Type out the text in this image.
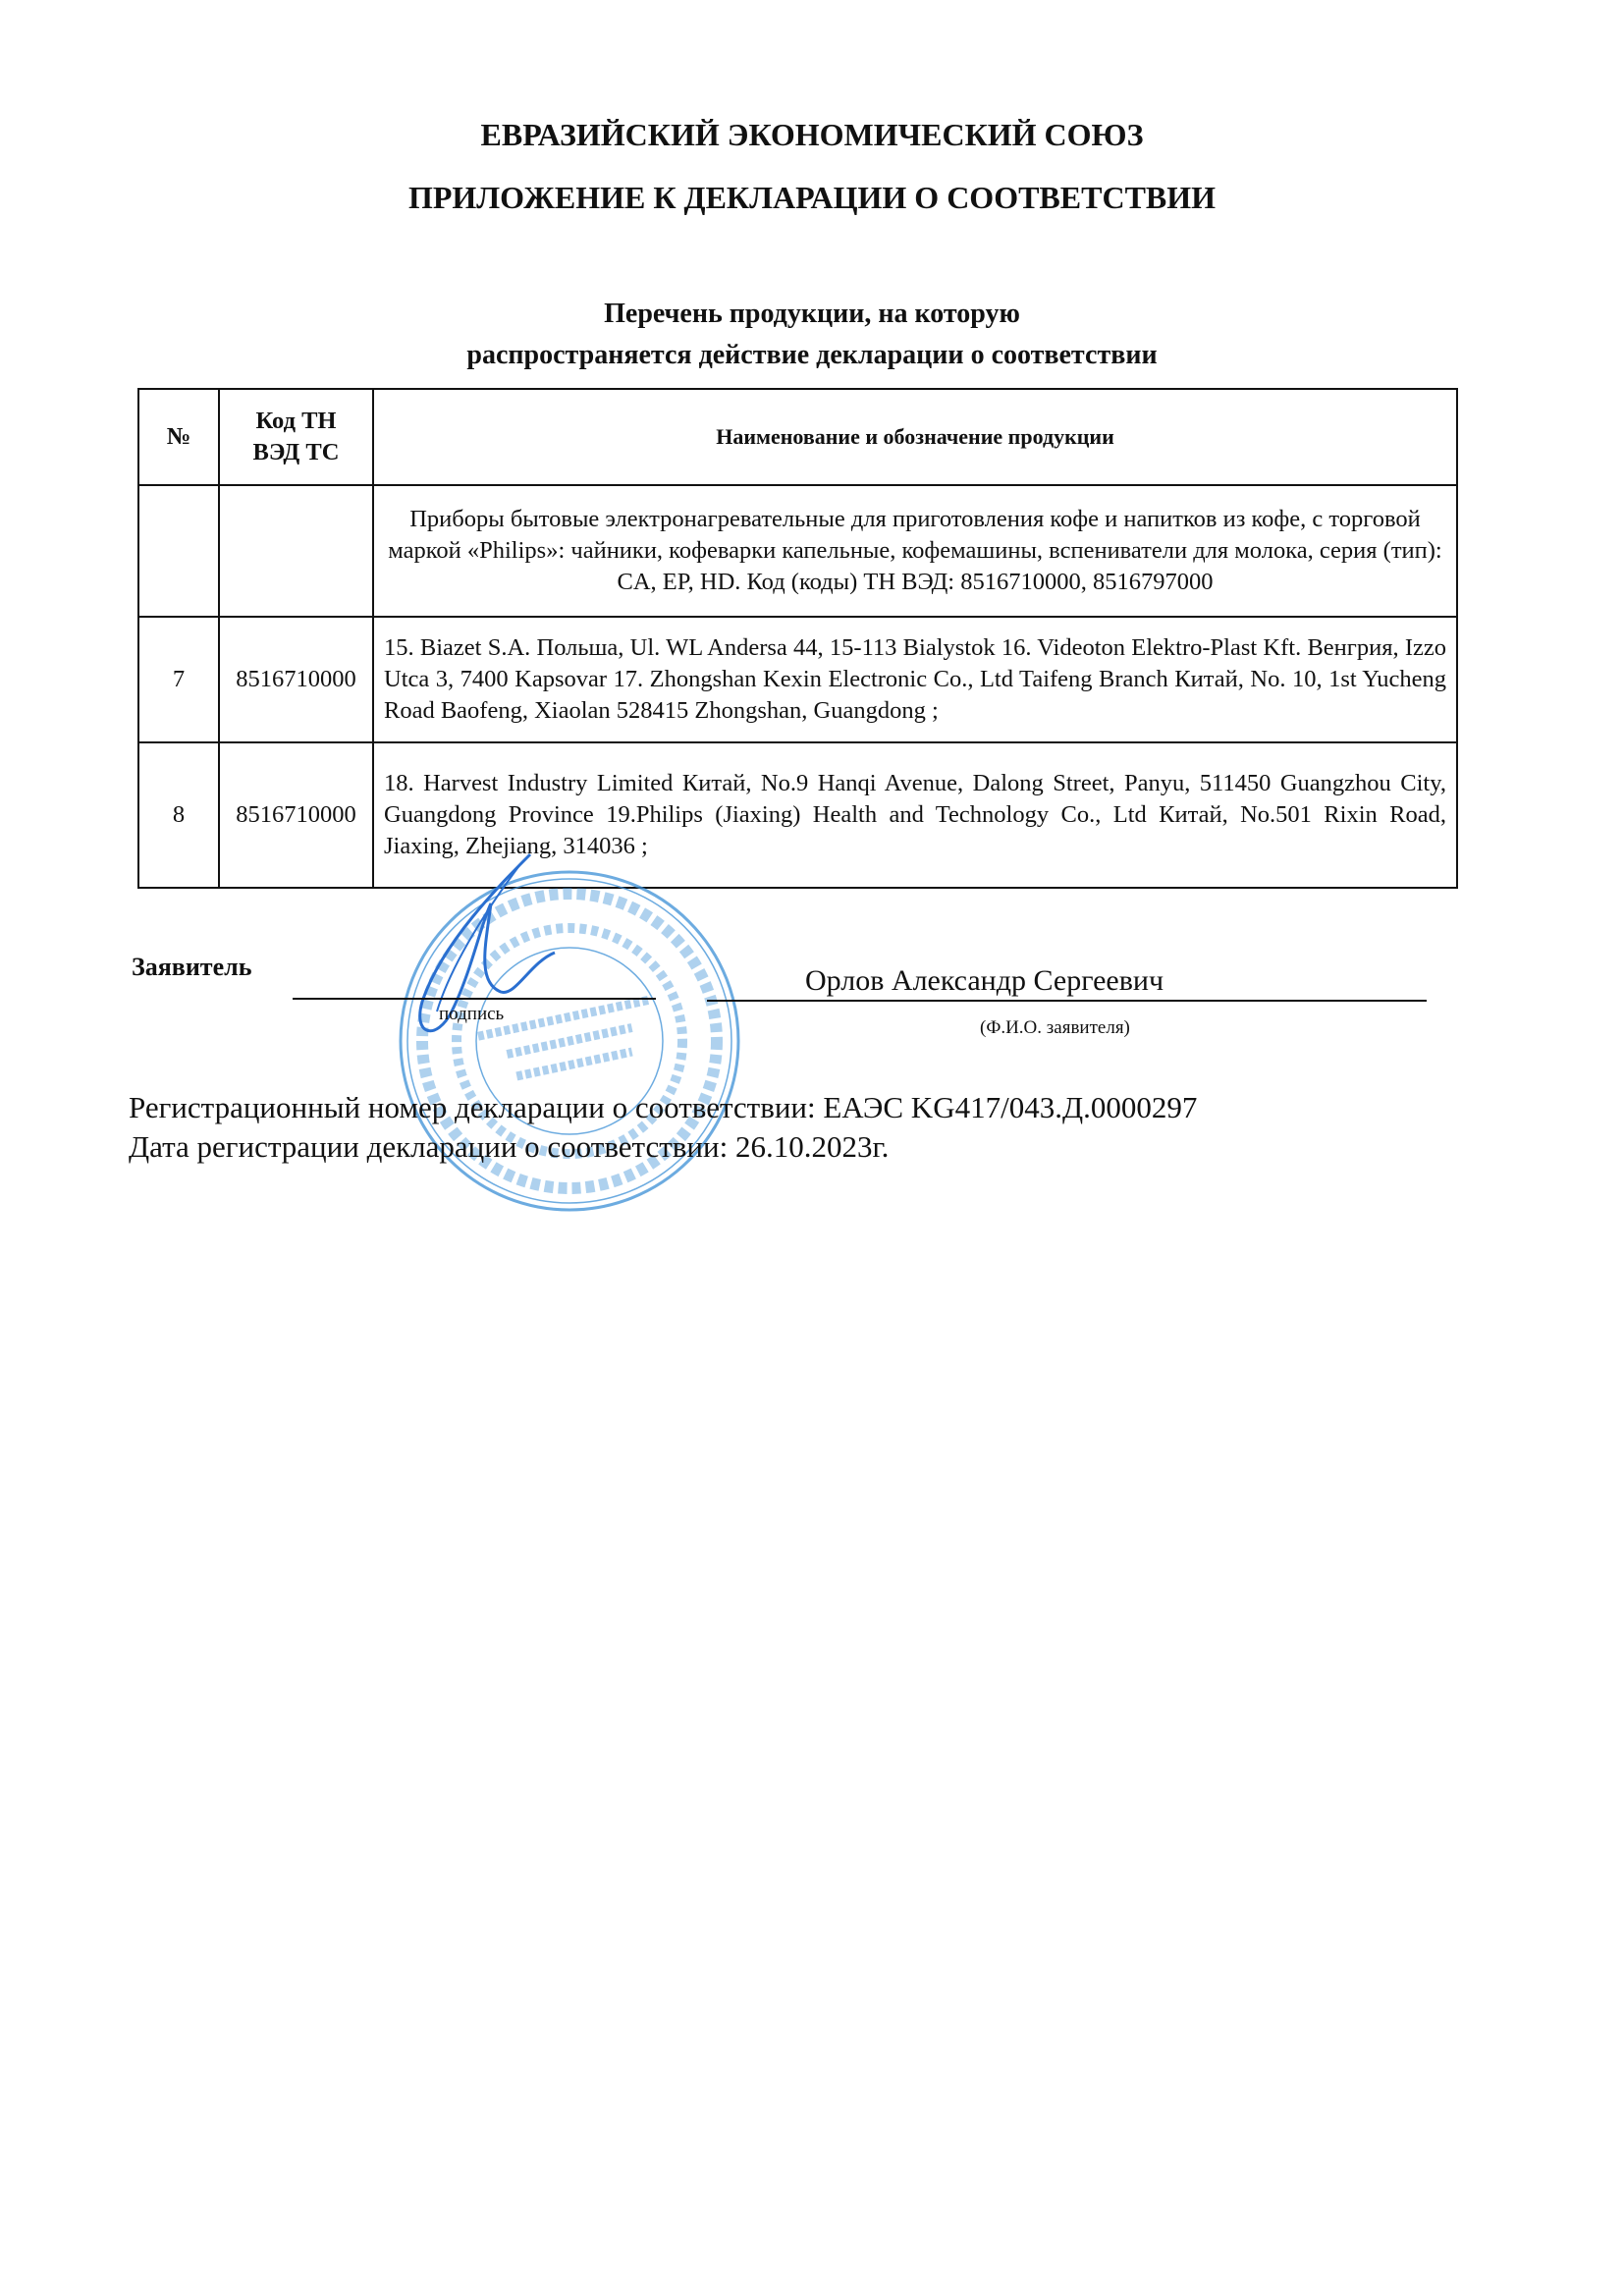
ЕВРАЗИЙСКИЙ ЭКОНОМИЧЕСКИЙ СОЮЗ
ПРИЛОЖЕНИЕ К ДЕКЛАРАЦИИ О СООТВЕТСТВИИ
Перечень продукции, на которую
распространяется действие декларации о соответствии
№	Код ТН ВЭД ТС	Наименование и обозначение продукции
		Приборы бытовые электронагревательные для приготовления кофе и напитков из кофе, с торговой маркой «Philips»: чайники, кофеварки капельные, кофемашины, вспениватели для молока, серия (тип): CA, EP, HD. Код (коды) ТН ВЭД: 8516710000, 8516797000
7	8516710000	15. Biazet S.A. Польша, Ul. WL Andersa 44, 15-113 Bialystok 16. Videoton Elektro-Plast Kft. Венгрия, Izzo Utca 3, 7400 Kapsovar 17. Zhongshan Kexin Electronic Co., Ltd Taifeng Branch Китай, No. 10, 1st Yucheng Road Baofeng, Xiaolan 528415 Zhongshan, Guangdong ;
8	8516710000	18. Harvest Industry Limited Китай, No.9 Hanqi Avenue, Dalong Street, Panyu, 511450 Guangzhou City, Guangdong Province 19.Philips (Jiaxing) Health and Technology Co., Ltd Китай, No.501 Rixin Road, Jiaxing, Zhejiang, 314036 ;
Заявитель	Орлов Александр Сергеевич
подпись
(Ф.И.О. заявителя)
Регистрационный номер декларации о соответствии: ЕАЭС KG417/043.Д.0000297
Дата регистрации декларации о соответствии: 26.10.2023г.
